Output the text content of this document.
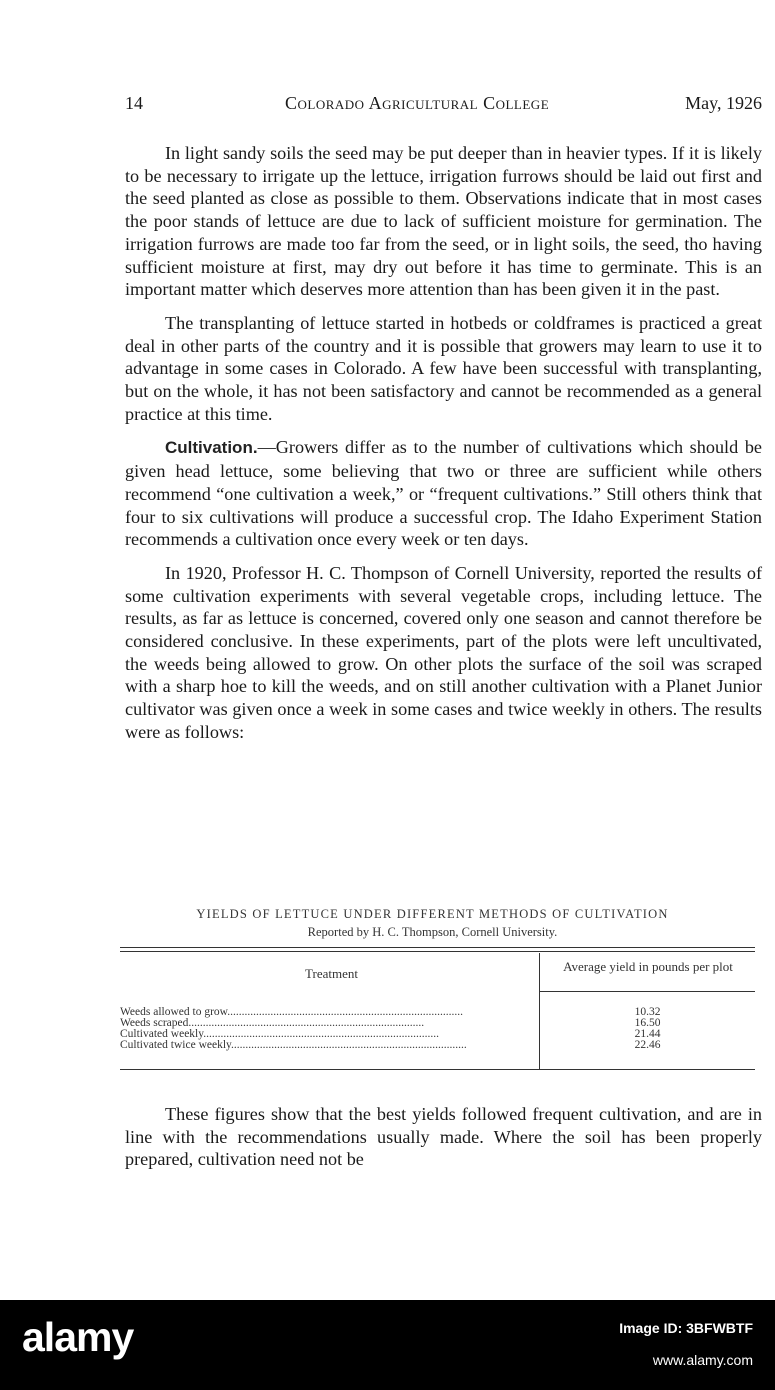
14	Colorado Agricultural College	May, 1926

In light sandy soils the seed may be put deeper than in heavier types. If it is likely to be necessary to irrigate up the lettuce, irrigation furrows should be laid out first and the seed planted as close as possible to them. Observations indicate that in most cases the poor stands of lettuce are due to lack of sufficient moisture for germination. The irrigation furrows are made too far from the seed, or in light soils, the seed, tho having sufficient moisture at first, may dry out before it has time to germinate. This is an important matter which deserves more attention than has been given it in the past.

The transplanting of lettuce started in hotbeds or coldframes is practiced a great deal in other parts of the country and it is possible that growers may learn to use it to advantage in some cases in Colorado. A few have been successful with transplanting, but on the whole, it has not been satisfactory and cannot be recommended as a general practice at this time.

Cultivation.—Growers differ as to the number of cultivations which should be given head lettuce, some believing that two or three are sufficient while others recommend “one cultivation a week,” or “frequent cultivations.” Still others think that four to six cultivations will produce a successful crop. The Idaho Experiment Station recommends a cultivation once every week or ten days.

In 1920, Professor H. C. Thompson of Cornell University, reported the results of some cultivation experiments with several vegetable crops, including lettuce. The results, as far as lettuce is concerned, covered only one season and cannot therefore be considered conclusive. In these experiments, part of the plots were left uncultivated, the weeds being allowed to grow. On other plots the surface of the soil was scraped with a sharp hoe to kill the weeds, and on still another cultivation with a Planet Junior cultivator was given once a week in some cases and twice weekly in others. The results were as follows:

YIELDS OF LETTUCE UNDER DIFFERENT METHODS OF CULTIVATION
Reported by H. C. Thompson, Cornell University.
Treatment	Average yield in pounds per plot
Weeds allowed to grow..................................................................................	10.32
Weeds scraped..................................................................................	16.50
Cultivated weekly..................................................................................	21.44
Cultivated twice weekly..................................................................................	22.46

These figures show that the best yields followed frequent cultivation, and are in line with the recommendations usually made. Where the soil has been properly prepared, cultivation need not be

alamy	Image ID: 3BFWBTF
www.alamy.com
